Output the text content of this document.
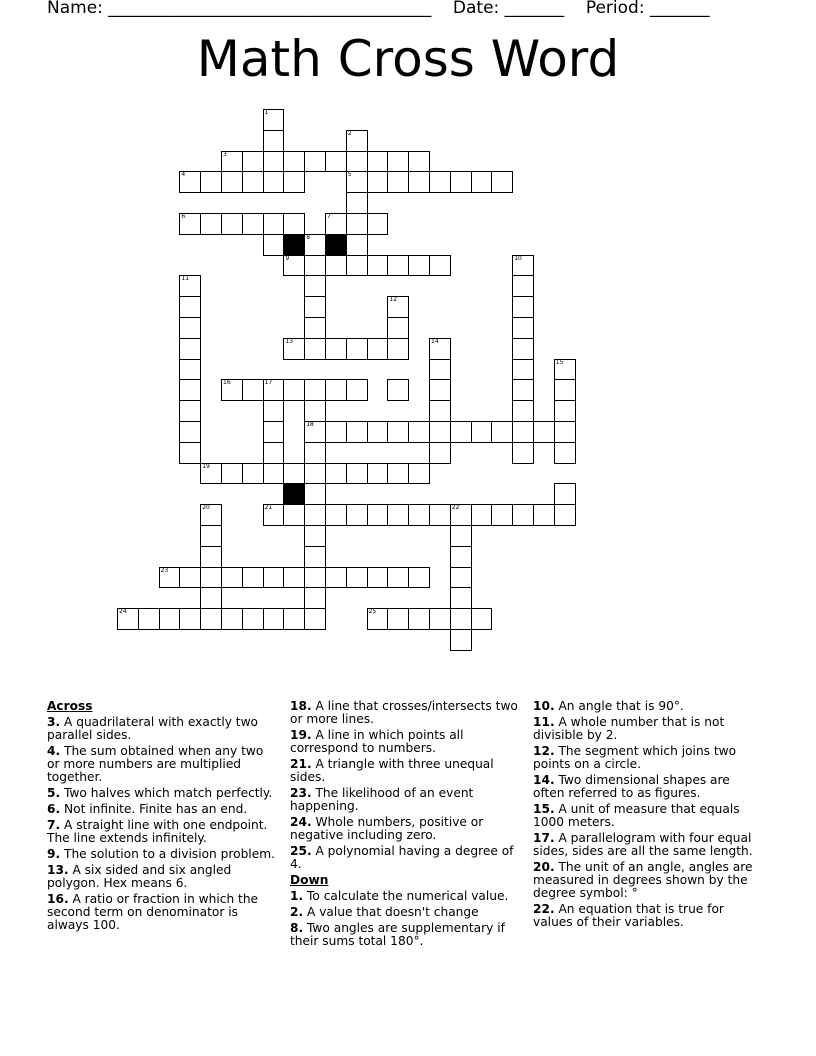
Name: ______________________________________ Date: _______ Period: _______
Math Cross Word
1
2
3
4	5
6	7
8
9	10
11
12
13	14
15
16	17
18
19
20	21	22
23
24	25
Across
3. A quadrilateral with exactly two parallel sides.
4. The sum obtained when any two or more numbers are multiplied together.
5. Two halves which match perfectly.
6. Not infinite. Finite has an end.
7. A straight line with one endpoint. The line extends infinitely.
9. The solution to a division problem.
13. A six sided and six angled polygon. Hex means 6.
16. A ratio or fraction in which the second term on denominator is always 100.
18. A line that crosses/intersects two or more lines.
19. A line in which points all correspond to numbers.
21. A triangle with three unequal sides.
23. The likelihood of an event happening.
24. Whole numbers, positive or negative including zero.
25. A polynomial having a degree of 4.
Down
1. To calculate the numerical value.
2. A value that doesn't change
8. Two angles are supplementary if their sums total 180°.
10. An angle that is 90°.
11. A whole number that is not divisible by 2.
12. The segment which joins two points on a circle.
14. Two dimensional shapes are often referred to as figures.
15. A unit of measure that equals 1000 meters.
17. A parallelogram with four equal sides, sides are all the same length.
20. The unit of an angle, angles are measured in degrees shown by the degree symbol: °
22. An equation that is true for values of their variables.
